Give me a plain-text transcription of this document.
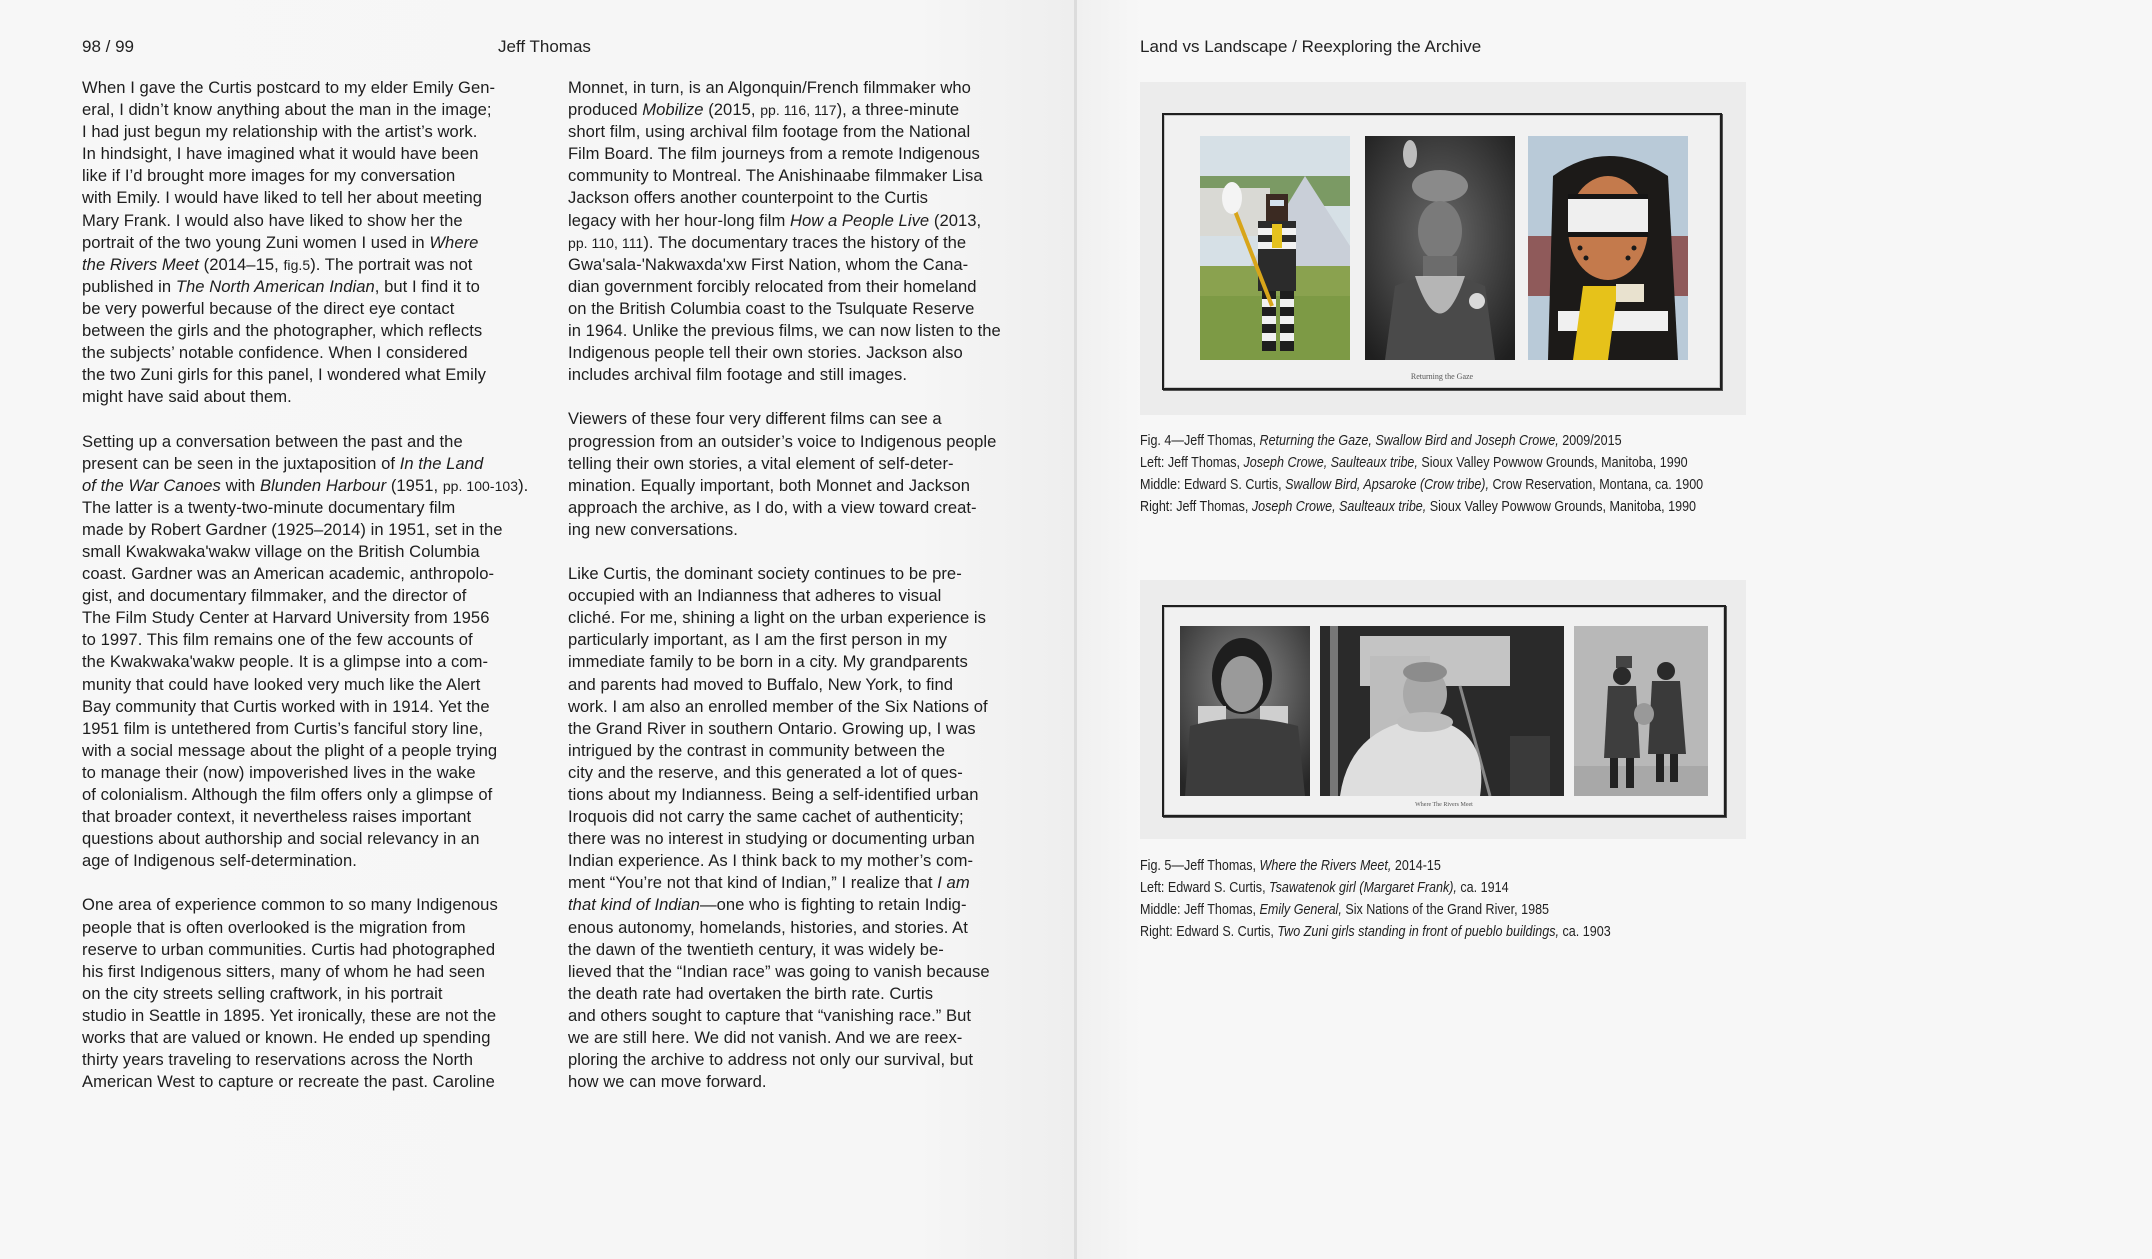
98 / 99	Jeff Thomas

When I gave the Curtis postcard to my elder Emily Gen-
eral, I didn’t know anything about the man in the image;
I had just begun my relationship with the artist’s work.
In hindsight, I have imagined what it would have been
like if I’d brought more images for my conversation
with Emily. I would have liked to tell her about meeting
Mary Frank. I would also have liked to show her the
portrait of the two young Zuni women I used in Where
the Rivers Meet (2014–15, fig.5). The portrait was not
published in The North American Indian, but I find it to
be very powerful because of the direct eye contact
between the girls and the photographer, which reflects
the subjects’ notable confidence. When I considered
the two Zuni girls for this panel, I wondered what Emily
might have said about them.

Setting up a conversation between the past and the
present can be seen in the juxtaposition of In the Land
of the War Canoes with Blunden Harbour (1951, pp. 100-103).
The latter is a twenty-two-minute documentary film
made by Robert Gardner (1925–2014) in 1951, set in the
small Kwakwaka'wakw village on the British Columbia
coast. Gardner was an American academic, anthropolo-
gist, and documentary filmmaker, and the director of
The Film Study Center at Harvard University from 1956
to 1997. This film remains one of the few accounts of
the Kwakwaka'wakw people. It is a glimpse into a com-
munity that could have looked very much like the Alert
Bay community that Curtis worked with in 1914. Yet the
1951 film is untethered from Curtis’s fanciful story line,
with a social message about the plight of a people trying
to manage their (now) impoverished lives in the wake
of colonialism. Although the film offers only a glimpse of
that broader context, it nevertheless raises important
questions about authorship and social relevancy in an
age of Indigenous self-determination.

One area of experience common to so many Indigenous
people that is often overlooked is the migration from
reserve to urban communities. Curtis had photographed
his first Indigenous sitters, many of whom he had seen
on the city streets selling craftwork, in his portrait
studio in Seattle in 1895. Yet ironically, these are not the
works that are valued or known. He ended up spending
thirty years traveling to reservations across the North
American West to capture or recreate the past. Caroline

Monnet, in turn, is an Algonquin/French filmmaker who
produced Mobilize (2015, pp. 116, 117), a three-minute
short film, using archival film footage from the National
Film Board. The film journeys from a remote Indigenous
community to Montreal. The Anishinaabe filmmaker Lisa
Jackson offers another counterpoint to the Curtis
legacy with her hour-long film How a People Live (2013,
pp. 110, 111). The documentary traces the history of the
Gwa'sala-'Nakwaxda'xw First Nation, whom the Cana-
dian government forcibly relocated from their homeland
on the British Columbia coast to the Tsulquate Reserve
in 1964. Unlike the previous films, we can now listen to the
Indigenous people tell their own stories. Jackson also
includes archival film footage and still images.

Viewers of these four very different films can see a
progression from an outsider’s voice to Indigenous people
telling their own stories, a vital element of self-deter-
mination. Equally important, both Monnet and Jackson
approach the archive, as I do, with a view toward creat-
ing new conversations.

Like Curtis, the dominant society continues to be pre-
occupied with an Indianness that adheres to visual
cliché. For me, shining a light on the urban experience is
particularly important, as I am the first person in my
immediate family to be born in a city. My grandparents
and parents had moved to Buffalo, New York, to find
work. I am also an enrolled member of the Six Nations of
the Grand River in southern Ontario. Growing up, I was
intrigued by the contrast in community between the
city and the reserve, and this generated a lot of ques-
tions about my Indianness. Being a self-identified urban
Iroquois did not carry the same cachet of authenticity;
there was no interest in studying or documenting urban
Indian experience. As I think back to my mother’s com-
ment “You’re not that kind of Indian,” I realize that I am
that kind of Indian—one who is fighting to retain Indig-
enous autonomy, homelands, histories, and stories. At
the dawn of the twentieth century, it was widely be-
lieved that the “Indian race” was going to vanish because
the death rate had overtaken the birth rate. Curtis
and others sought to capture that “vanishing race.” But
we are still here. We did not vanish. And we are reex-
ploring the archive to address not only our survival, but
how we can move forward.

Land vs Landscape / Reexploring the Archive
Returning the Gaze
Fig. 4—Jeff Thomas, Returning the Gaze, Swallow Bird and Joseph Crowe, 2009/2015
Left: Jeff Thomas, Joseph Crowe, Saulteaux tribe, Sioux Valley Powwow Grounds, Manitoba, 1990
Middle: Edward S. Curtis, Swallow Bird, Apsaroke (Crow tribe), Crow Reservation, Montana, ca. 1900
Right: Jeff Thomas, Joseph Crowe, Saulteaux tribe, Sioux Valley Powwow Grounds, Manitoba, 1990
Where The Rivers Meet
Fig. 5—Jeff Thomas, Where the Rivers Meet, 2014-15
Left: Edward S. Curtis, Tsawatenok girl (Margaret Frank), ca. 1914
Middle: Jeff Thomas, Emily General, Six Nations of the Grand River, 1985
Right: Edward S. Curtis, Two Zuni girls standing in front of pueblo buildings, ca. 1903
